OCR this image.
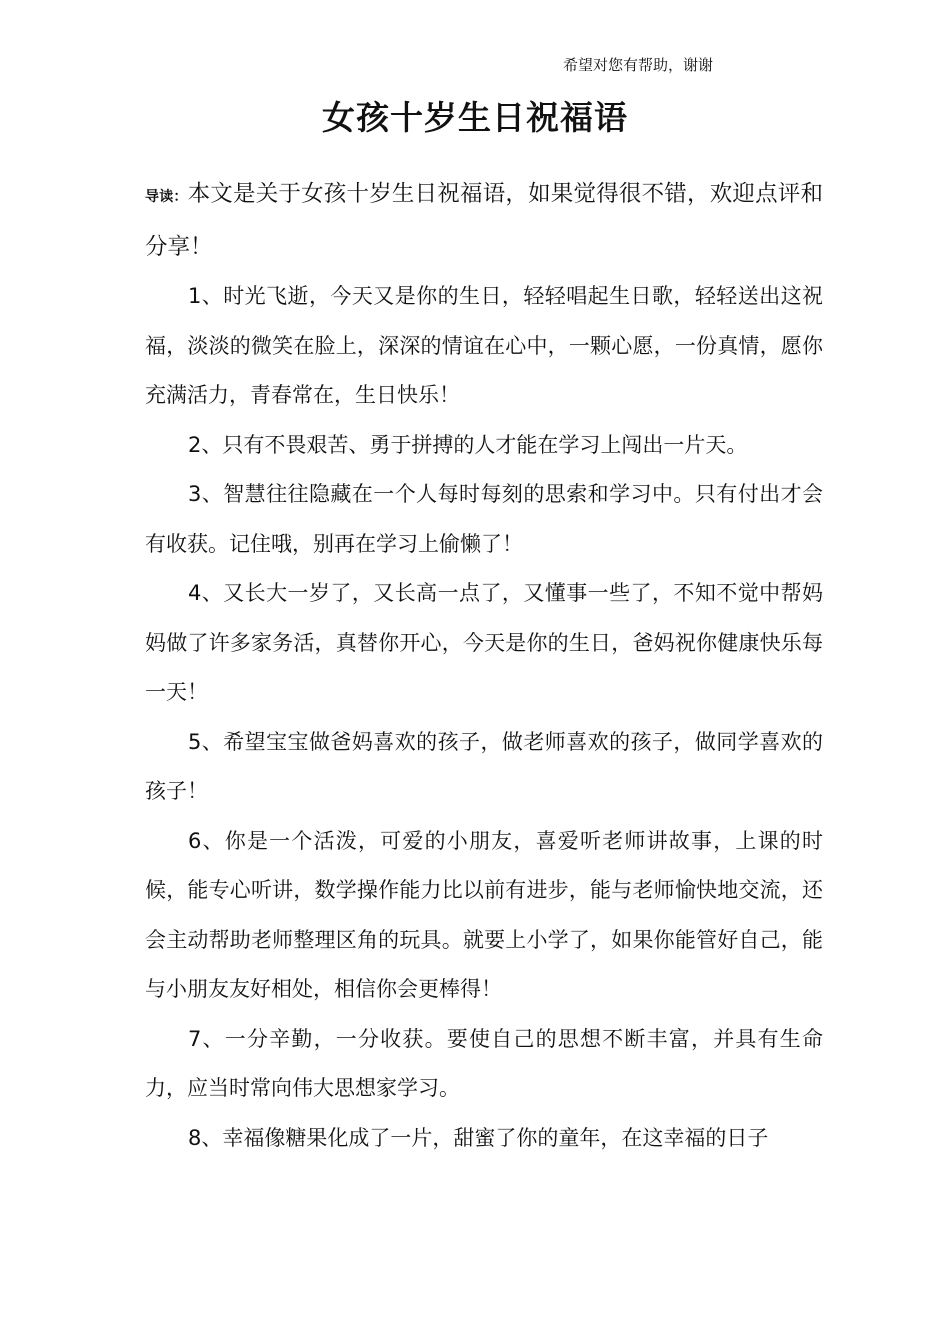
希望对您有帮助，谢谢
女孩十岁生日祝福语

导读：本文是关于女孩十岁生日祝福语，如果觉得很不错，欢迎点评和分享！

1、时光飞逝，今天又是你的生日，轻轻唱起生日歌，轻轻送出这祝福，淡淡的微笑在脸上，深深的情谊在心中，一颗心愿，一份真情，愿你充满活力，青春常在，生日快乐！

2、只有不畏艰苦、勇于拼搏的人才能在学习上闯出一片天。

3、智慧往往隐藏在一个人每时每刻的思索和学习中。只有付出才会有收获。记住哦，别再在学习上偷懒了！

4、又长大一岁了，又长高一点了，又懂事一些了，不知不觉中帮妈妈做了许多家务活，真替你开心，今天是你的生日，爸妈祝你健康快乐每一天！

5、希望宝宝做爸妈喜欢的孩子，做老师喜欢的孩子，做同学喜欢的孩子！

6、你是一个活泼，可爱的小朋友，喜爱听老师讲故事，上课的时候，能专心听讲，数学操作能力比以前有进步，能与老师愉快地交流，还会主动帮助老师整理区角的玩具。就要上小学了，如果你能管好自己，能与小朋友友好相处，相信你会更棒得！

7、一分辛勤，一分收获。要使自己的思想不断丰富，并具有生命力，应当时常向伟大思想家学习。

8、幸福像糖果化成了一片，甜蜜了你的童年，在这幸福的日子
